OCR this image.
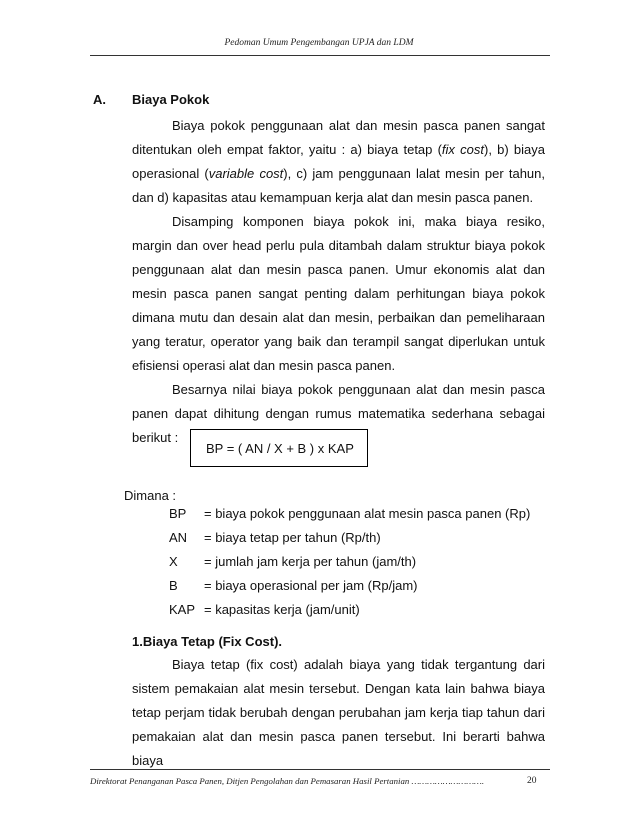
Pedoman Umum Pengembangan UPJA dan LDM
A. Biaya Pokok

Biaya pokok penggunaan alat dan mesin pasca panen sangat ditentukan oleh empat faktor, yaitu : a) biaya tetap (fix cost), b) biaya operasional (variable cost), c) jam penggunaan lalat mesin per tahun, dan d) kapasitas atau kemampuan kerja alat dan mesin pasca panen.

Disamping komponen biaya pokok ini, maka biaya resiko, margin dan over head perlu pula ditambah dalam struktur biaya pokok penggunaan alat dan mesin pasca panen. Umur ekonomis alat dan mesin pasca panen sangat penting dalam perhitungan biaya pokok dimana mutu dan desain alat dan mesin, perbaikan dan pemeliharaan yang teratur, operator yang baik dan terampil sangat diperlukan untuk efisiensi operasi alat dan mesin pasca panen.

Besarnya nilai biaya pokok penggunaan alat dan mesin pasca panen dapat dihitung dengan rumus matematika sederhana sebagai berikut :

BP = ( AN / X + B ) x KAP
Dimana :
BP	= biaya pokok penggunaan alat mesin pasca panen (Rp)
AN	= biaya tetap per tahun (Rp/th)
X	= jumlah jam kerja per tahun (jam/th)
B	= biaya operasional per jam (Rp/jam)
KAP = kapasitas kerja (jam/unit)
1.Biaya Tetap (Fix Cost).

Biaya tetap (fix cost) adalah biaya yang tidak tergantung dari sistem pemakaian alat mesin tersebut. Dengan kata lain bahwa biaya tetap perjam tidak berubah dengan perubahan jam kerja tiap tahun dari pemakaian alat dan mesin pasca panen tersebut. Ini berarti bahwa biaya

Direktorat Penanganan Pasca Panen, Ditjen Pengolahan dan Pemasaran Hasil Pertanian ……………………….	20
